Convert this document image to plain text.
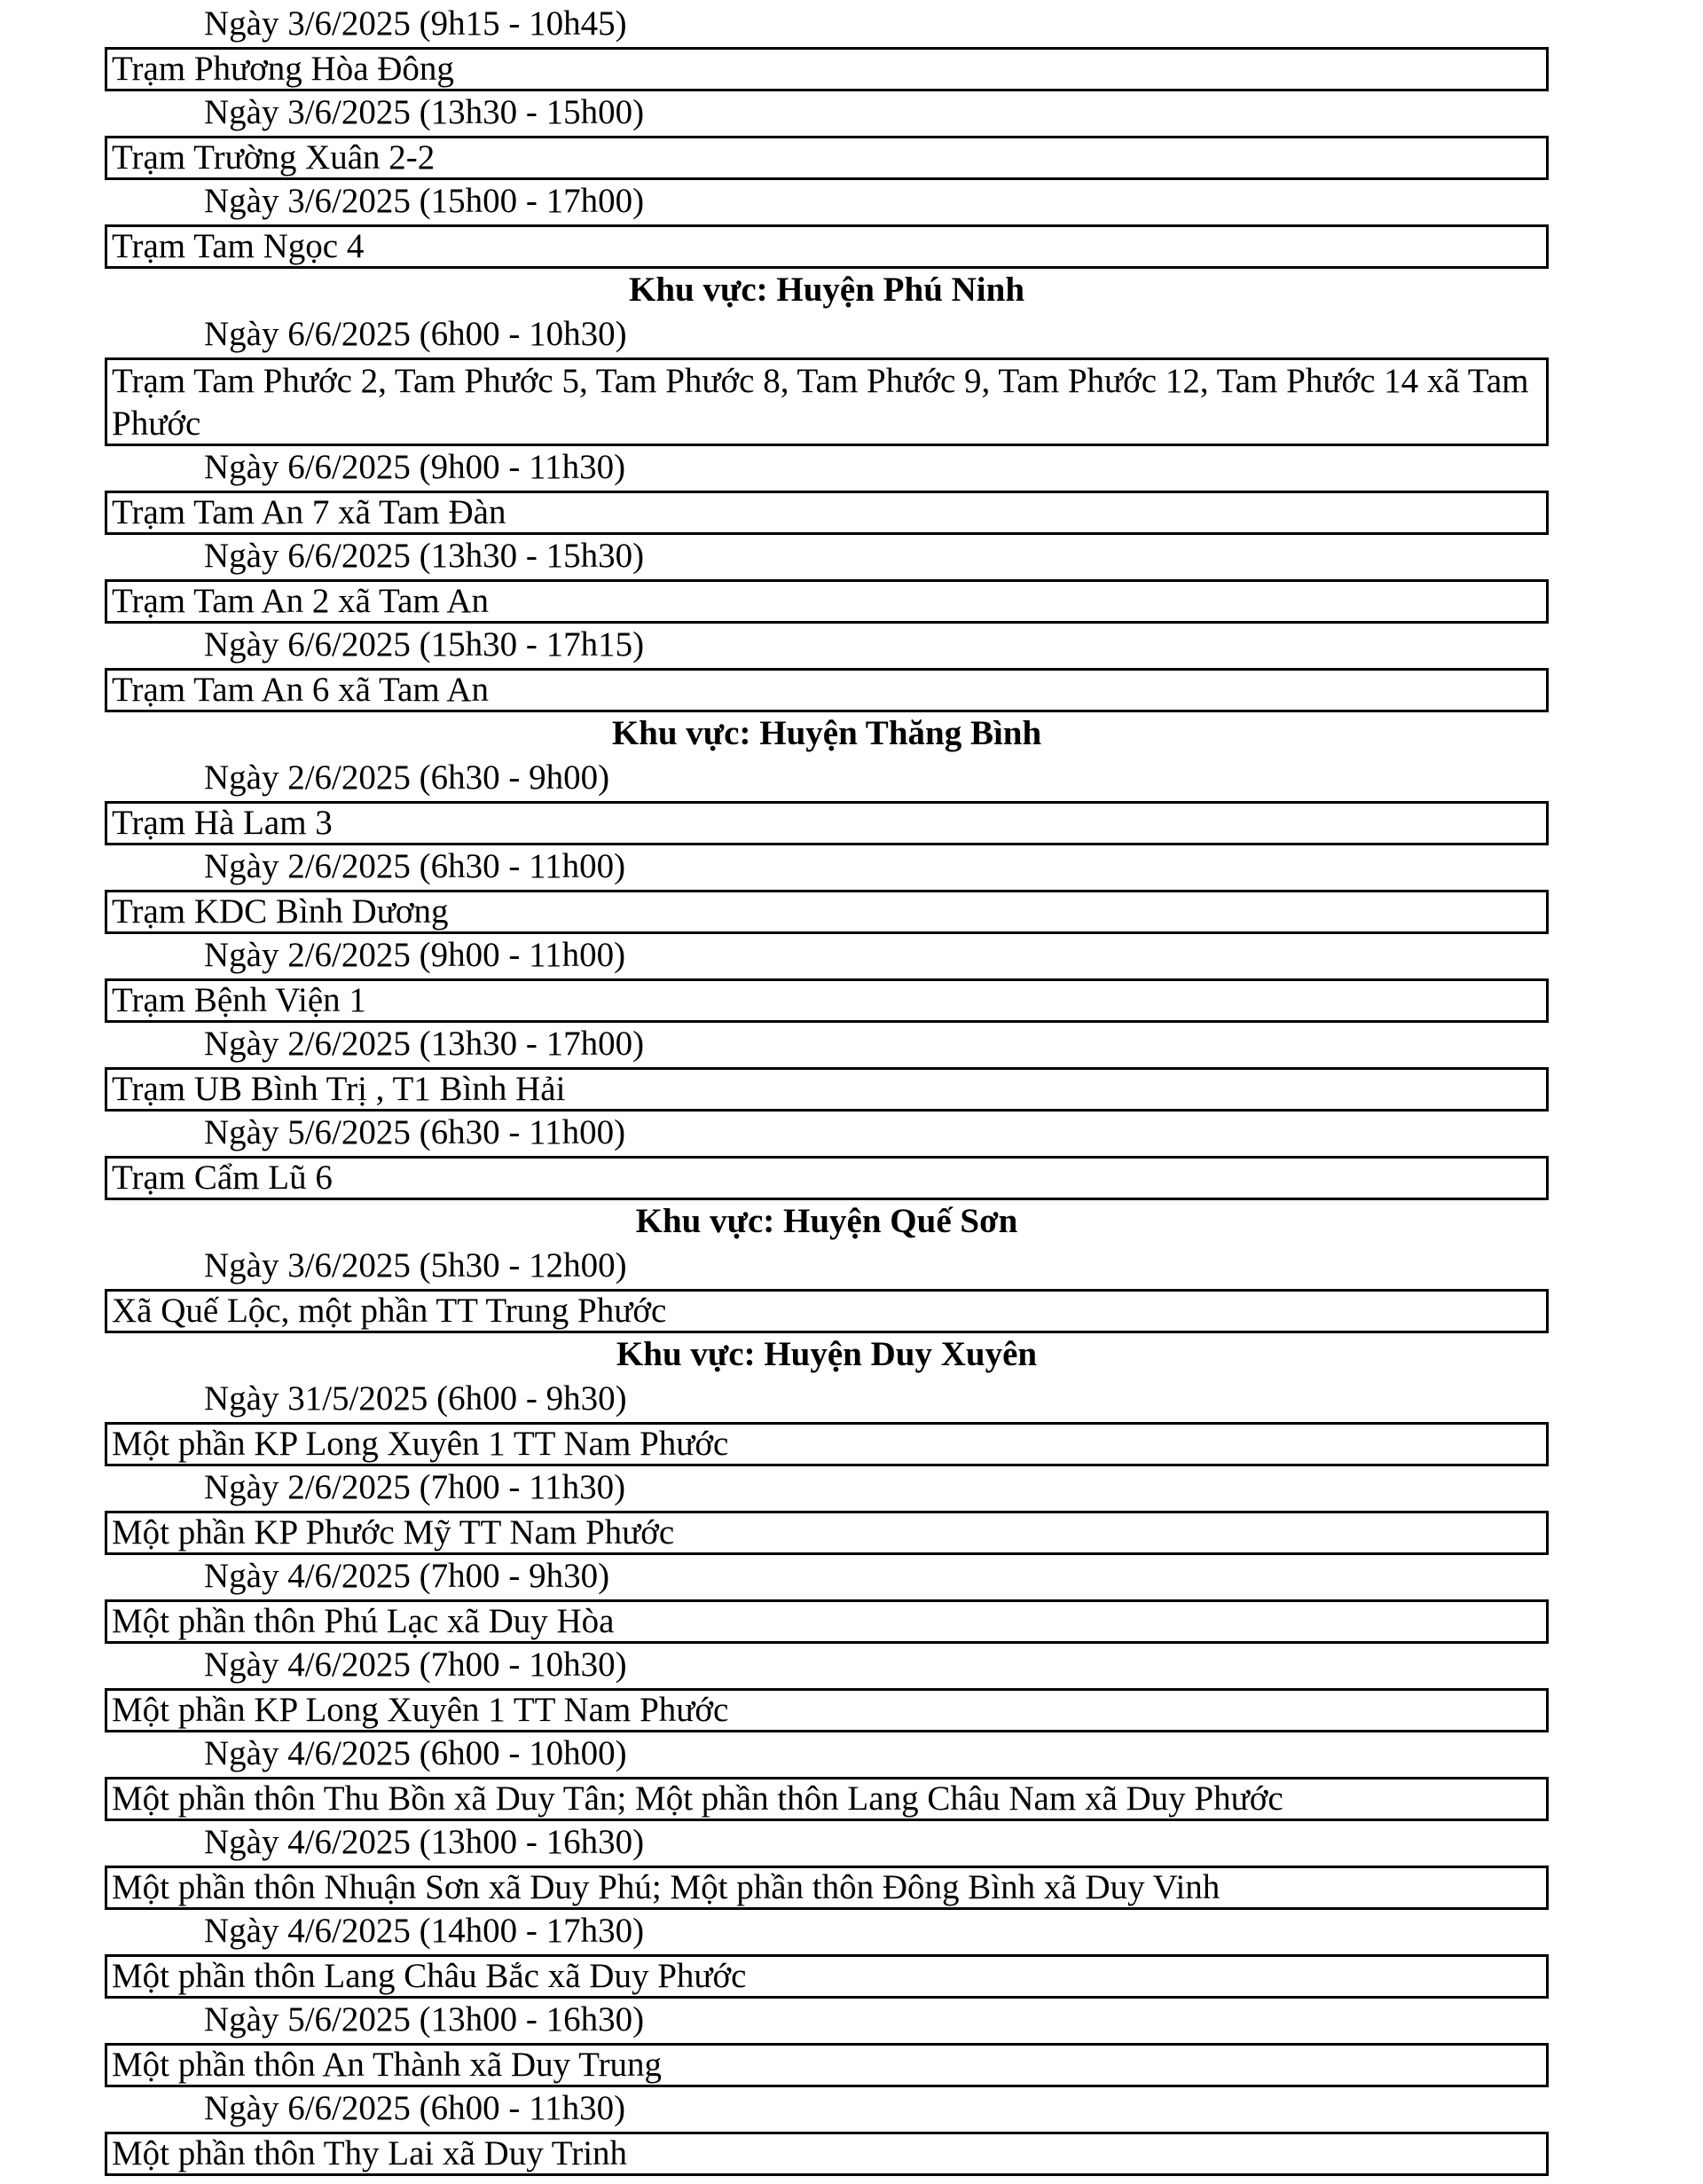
Ngày 3/6/2025 (9h15 - 10h45)
Trạm Phương Hòa Đông
Ngày 3/6/2025 (13h30 - 15h00)
Trạm Trường Xuân 2-2
Ngày 3/6/2025 (15h00 - 17h00)
Trạm Tam Ngọc 4
Khu vực: Huyện Phú Ninh
Ngày 6/6/2025 (6h00 - 10h30)
Trạm Tam Phước 2, Tam Phước 5, Tam Phước 8, Tam Phước 9, Tam Phước 12, Tam Phước 14 xã Tam Phước
Ngày 6/6/2025 (9h00 - 11h30)
Trạm Tam An 7 xã Tam Đàn
Ngày 6/6/2025 (13h30 - 15h30)
Trạm Tam An 2 xã Tam An
Ngày 6/6/2025 (15h30 - 17h15)
Trạm Tam An 6 xã Tam An
Khu vực: Huyện Thăng Bình
Ngày 2/6/2025 (6h30 - 9h00)
Trạm Hà Lam 3
Ngày 2/6/2025 (6h30 - 11h00)
Trạm KDC Bình Dương
Ngày 2/6/2025 (9h00 - 11h00)
Trạm Bệnh Viện 1
Ngày 2/6/2025 (13h30 - 17h00)
Trạm UB Bình Trị , T1 Bình Hải
Ngày 5/6/2025 (6h30 - 11h00)
Trạm Cẩm Lũ 6
Khu vực: Huyện Quế Sơn
Ngày 3/6/2025 (5h30 - 12h00)
Xã Quế Lộc, một phần TT Trung Phước
Khu vực: Huyện Duy Xuyên
Ngày 31/5/2025 (6h00 - 9h30)
Một phần KP Long Xuyên 1 TT Nam Phước
Ngày 2/6/2025 (7h00 - 11h30)
Một phần KP Phước Mỹ TT Nam Phước
Ngày 4/6/2025 (7h00 - 9h30)
Một phần thôn Phú Lạc xã Duy Hòa
Ngày 4/6/2025 (7h00 - 10h30)
Một phần KP Long Xuyên 1 TT Nam Phước
Ngày 4/6/2025 (6h00 - 10h00)
Một phần thôn Thu Bồn xã Duy Tân; Một phần thôn Lang Châu Nam xã Duy Phước
Ngày 4/6/2025 (13h00 - 16h30)
Một phần thôn Nhuận Sơn xã Duy Phú; Một phần thôn Đông Bình xã Duy Vinh
Ngày 4/6/2025 (14h00 - 17h30)
Một phần thôn Lang Châu Bắc xã Duy Phước
Ngày 5/6/2025 (13h00 - 16h30)
Một phần thôn An Thành xã Duy Trung
Ngày 6/6/2025 (6h00 - 11h30)
Một phần thôn Thy Lai xã Duy Trinh
